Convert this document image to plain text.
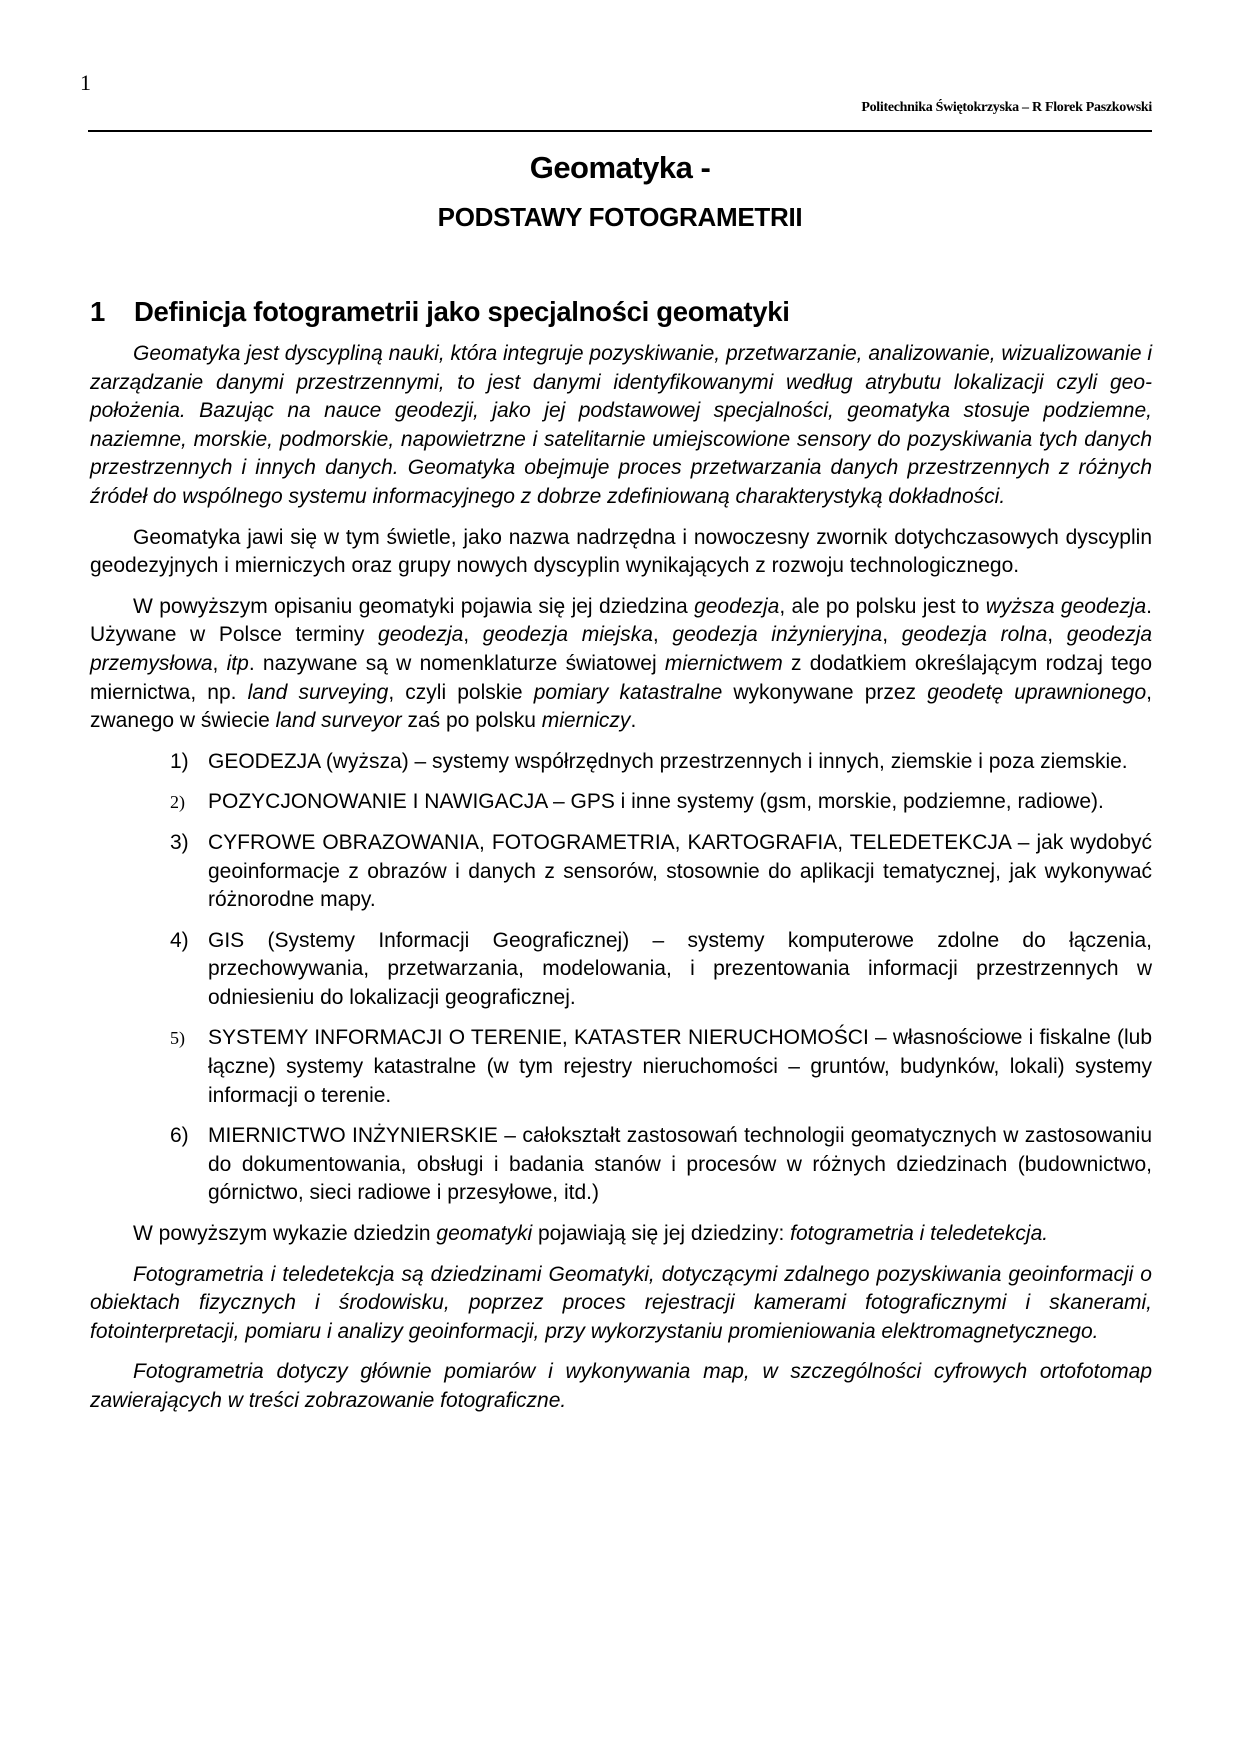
1
Politechnika Świętokrzyska – R Florek Paszkowski
Geomatyka -
PODSTAWY FOTOGRAMETRII
1 Definicja fotogrametrii jako specjalności geomatyki

Geomatyka jest dyscypliną nauki, która integruje pozyskiwanie, przetwarzanie, analizowanie, wizualizowanie i zarządzanie danymi przestrzennymi, to jest danymi identyfikowanymi według atrybutu lokalizacji czyli geo-położenia. Bazując na nauce geodezji, jako jej podstawowej specjalności, geomatyka stosuje podziemne, naziemne, morskie, podmorskie, napowietrzne i satelitarnie umiejscowione sensory do pozyskiwania tych danych przestrzennych i innych danych. Geomatyka obejmuje proces przetwarzania danych przestrzennych z różnych źródeł do wspólnego systemu informacyjnego z dobrze zdefiniowaną charakterystyką dokładności.

Geomatyka jawi się w tym świetle, jako nazwa nadrzędna i nowoczesny zwornik dotychczasowych dyscyplin geodezyjnych i mierniczych oraz grupy nowych dyscyplin wynikających z rozwoju technologicznego.

W powyższym opisaniu geomatyki pojawia się jej dziedzina geodezja, ale po polsku jest to wyższa geodezja. Używane w Polsce terminy geodezja, geodezja miejska, geodezja inżynieryjna, geodezja rolna, geodezja przemysłowa, itp. nazywane są w nomenklaturze światowej miernictwem z dodatkiem określającym rodzaj tego miernictwa, np. land surveying, czyli polskie pomiary katastralne wykonywane przez geodetę uprawnionego, zwanego w świecie land surveyor zaś po polsku mierniczy.

1) GEODEZJA (wyższa) – systemy współrzędnych przestrzennych i innych, ziemskie i poza ziemskie.
2) POZYCJONOWANIE I NAWIGACJA – GPS i inne systemy (gsm, morskie, podziemne, radiowe).
3) CYFROWE OBRAZOWANIA, FOTOGRAMETRIA, KARTOGRAFIA, TELEDETEKCJA – jak wydobyć geoinformacje z obrazów i danych z sensorów, stosownie do aplikacji tematycznej, jak wykonywać różnorodne mapy.
4) GIS (Systemy Informacji Geograficznej) – systemy komputerowe zdolne do łączenia, przechowywania, przetwarzania, modelowania, i prezentowania informacji przestrzennych w odniesieniu do lokalizacji geograficznej.
5) SYSTEMY INFORMACJI O TERENIE, KATASTER NIERUCHOMOŚCI – własnościowe i fiskalne (lub łączne) systemy katastralne (w tym rejestry nieruchomości – gruntów, budynków, lokali) systemy informacji o terenie.
6) MIERNICTWO INŻYNIERSKIE – całokształt zastosowań technologii geomatycznych w zastosowaniu do dokumentowania, obsługi i badania stanów i procesów w różnych dziedzinach (budownictwo, górnictwo, sieci radiowe i przesyłowe, itd.)

W powyższym wykazie dziedzin geomatyki pojawiają się jej dziedziny: fotogrametria i teledetekcja.

Fotogrametria i teledetekcja są dziedzinami Geomatyki, dotyczącymi zdalnego pozyskiwania geoinformacji o obiektach fizycznych i środowisku, poprzez proces rejestracji kamerami fotograficznymi i skanerami, fotointerpretacji, pomiaru i analizy geoinformacji, przy wykorzystaniu promieniowania elektromagnetycznego.

Fotogrametria dotyczy głównie pomiarów i wykonywania map, w szczególności cyfrowych ortofotomap zawierających w treści zobrazowanie fotograficzne.
